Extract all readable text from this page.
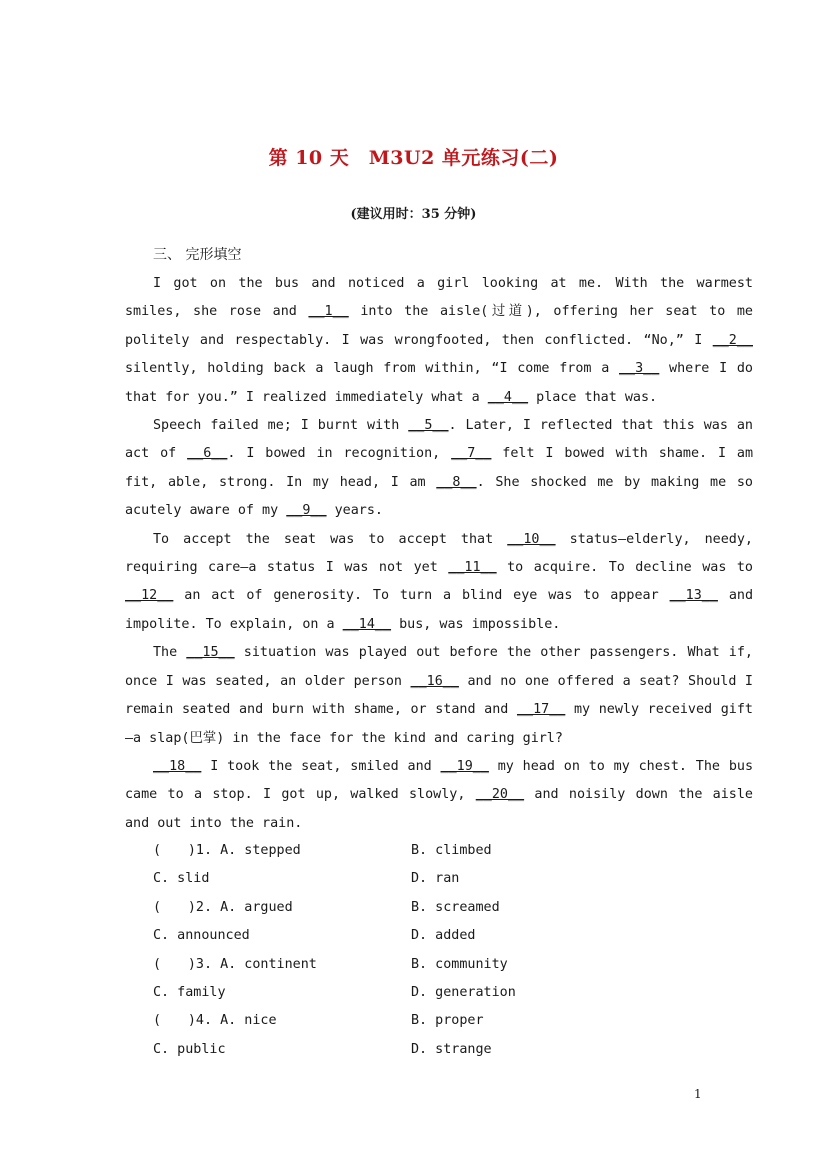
第 10 天　M3U2 单元练习(二)
(建议用时：35 分钟)
三、 完形填空

I got on the bus and noticed a girl looking at me. With the warmest smiles, she rose and __1__ into the aisle(过道), offering her seat to me politely and respectably. I was wrongfooted, then conflicted. “No,” I __2__ silently, holding back a laugh from within, “I come from a __3__ where I do that for you.” I realized immediately what a __4__ place that was.

Speech failed me; I burnt with __5__. Later, I reflected that this was an act of __6__. I bowed in recognition, __7__ felt I bowed with shame. I am fit, able, strong. In my head, I am __8__. She shocked me by making me so acutely aware of my __9__ years.

To accept the seat was to accept that __10__ status—elderly, needy, requiring care—a status I was not yet __11__ to acquire. To decline was to __12__ an act of generosity. To turn a blind eye was to appear __13__ and impolite. To explain, on a __14__ bus, was impossible.

The __15__ situation was played out before the other passengers. What if, once I was seated, an older person __16__ and no one offered a seat? Should I remain seated and burn with shame, or stand and __17__ my newly received gift—a slap(巴掌) in the face for the kind and caring girl?

__18__ I took the seat, smiled and __19__ my head on to my chest. The bus came to a stop. I got up, walked slowly, __20__ and noisily down the aisle and out into the rain.

(　　)1. A. stepped	B. climbed
C. slid	D. ran
(　　)2. A. argued	B. screamed
C. announced	D. added
(　　)3. A. continent	B. community
C. family	D. generation
(　　)4. A. nice	B. proper
C. public	D. strange
1
